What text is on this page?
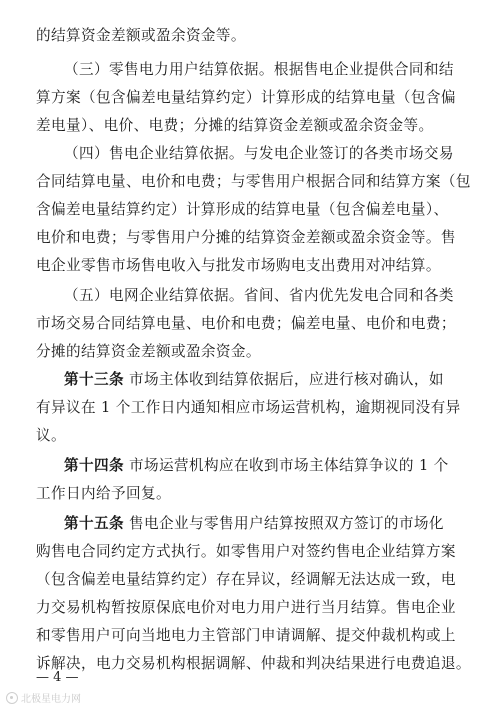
的结算资金差额或盈余资金等。
（三）零售电力用户结算依据。根据售电企业提供合同和结
算方案（包含偏差电量结算约定）计算形成的结算电量（包含偏
差电量）、电价、电费；分摊的结算资金差额或盈余资金等。
（四）售电企业结算依据。与发电企业签订的各类市场交易
合同结算电量、电价和电费；与零售用户根据合同和结算方案（包
含偏差电量结算约定）计算形成的结算电量（包含偏差电量）、
电价和电费；与零售用户分摊的结算资金差额或盈余资金等。售
电企业零售市场售电收入与批发市场购电支出费用对冲结算。
（五）电网企业结算依据。省间、省内优先发电合同和各类
市场交易合同结算电量、电价和电费；偏差电量、电价和电费；
分摊的结算资金差额或盈余资金。
第十三条 市场主体收到结算依据后，应进行核对确认，如
有异议在 1 个工作日内通知相应市场运营机构，逾期视同没有异
议。
第十四条 市场运营机构应在收到市场主体结算争议的 1 个
工作日内给予回复。
第十五条 售电企业与零售用户结算按照双方签订的市场化
购售电合同约定方式执行。如零售用户对签约售电企业结算方案
（包含偏差电量结算约定）存在异议，经调解无法达成一致，电
力交易机构暂按原保底电价对电力用户进行当月结算。售电企业
和零售用户可向当地电力主管部门申请调解、提交仲裁机构或上
诉解决，电力交易机构根据调解、仲裁和判决结果进行电费追退。
— 4 —
北极星电力网
